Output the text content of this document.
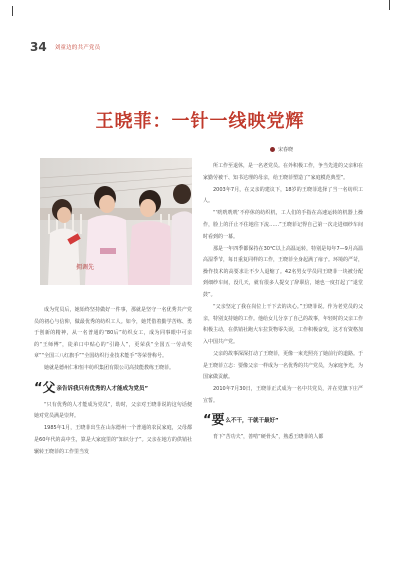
34 刘童边的共产党员
王晓菲：一针一线映党辉
宋春晓
拥调先

成为党员后，她始终坚持做好一件事，那就是坚守一名优秀共产党员的初心与信仰，做最优秀的纺织工人。如今，她凭借着勤学苦练、勇于创新的精神，从一名普通的“80后”纺织女工，成为同事眼中可亲的“王师傅”，徒弟口中贴心的“引路人”，更荣获“全国五一劳动奖章”“全国三八红旗手”“全国纺织行业技术能手”等荣誉称号。

她就是德州仁和恒丰纺织集团有限公司高技能教练王晓菲。

“父亲告诉我只有优秀的人才能成为党员”

“只有优秀的人才能成为党员”，幼时，父亲对王晓菲说的这句话便她对党员满是崇拜。

1985年1月，王晓菲出生在山东德州一个普通的农民家庭，父母都是60年代的高中生，算是大家庭里的“知识分子”。父亲在地方的供销社辗转王晓菲的工作里当发

所工作至退休，是一名老党员。在外积极工作，争当先进的父亲和在家勤劳被干、知书达理的母亲，给王晓菲塑造了“家庭模范典型”。

2003年7月，在父亲的建议下，18岁的王晓菲选择了当一名纺织工人。

“‘咣咣咣咣’不停休的纺织机，工人们的手指在高速运转的机器上操作，脸上的汗止不住地往下流……”王晓菲记得自己第一次走进细纱车间时看到的一幕。

那是一年四季都保持在30℃以上高温运转，特别是每年7—9月高温高湿季节，每日重复同样的工作，王晓菲全身起满了痱子。环境的严苛，操作技术的高要求让不少人退缩了。42名男女学员同王晓菲一块被分配到细纱车间，没几天，就有很多人提交了辞职信，她也一度打起了“退堂鼓”。

“父亲坚定了我在岗位上干下去的决心。”王晓菲说。作为老党员的父亲，特别支持她的工作。他给女儿分享了自己的故事，年轻时的父亲工作积极主动，在供销社跑大车拉货物零失误，工作积极奋发，这才有资格加入中国共产党。

父亲的故事深深打动了王晓菲，更像一束光照亮了她前行的道路。于是王晓菲立志：要像父亲一样成为一名优秀的共产党员，为家庭争光，为国家做贡献。

2010年7月30日，王晓菲正式成为一名中共党员，并在党旗下庄严宣誓。

“要么不干，干就干最好”

育下“苦功夫”，善啃“硬骨头”，熟悉王晓菲的人都
